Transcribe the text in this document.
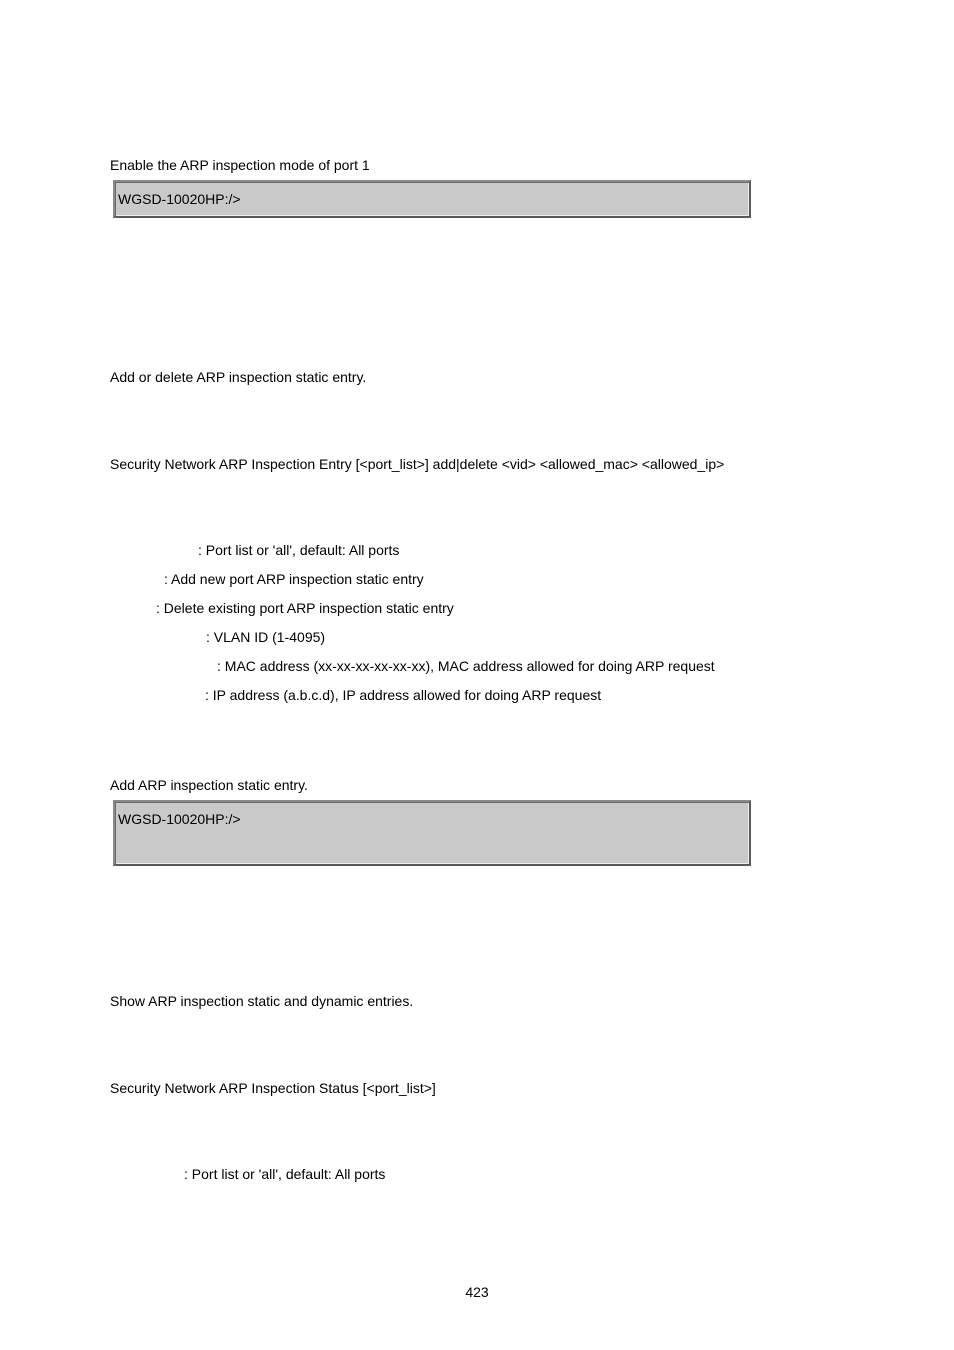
Enable the ARP inspection mode of port 1
WGSD-10020HP:/>
Add or delete ARP inspection static entry.
Security Network ARP Inspection Entry [<port_list>] add|delete <vid> <allowed_mac> <allowed_ip>
: Port list or 'all', default: All ports
: Add new port ARP inspection static entry
: Delete existing port ARP inspection static entry
: VLAN ID (1-4095)
: MAC address (xx-xx-xx-xx-xx-xx), MAC address allowed for doing ARP request
: IP address (a.b.c.d), IP address allowed for doing ARP request
Add ARP inspection static entry.
WGSD-10020HP:/>
Show ARP inspection static and dynamic entries.
Security Network ARP Inspection Status [<port_list>]
: Port list or 'all', default: All ports
423
